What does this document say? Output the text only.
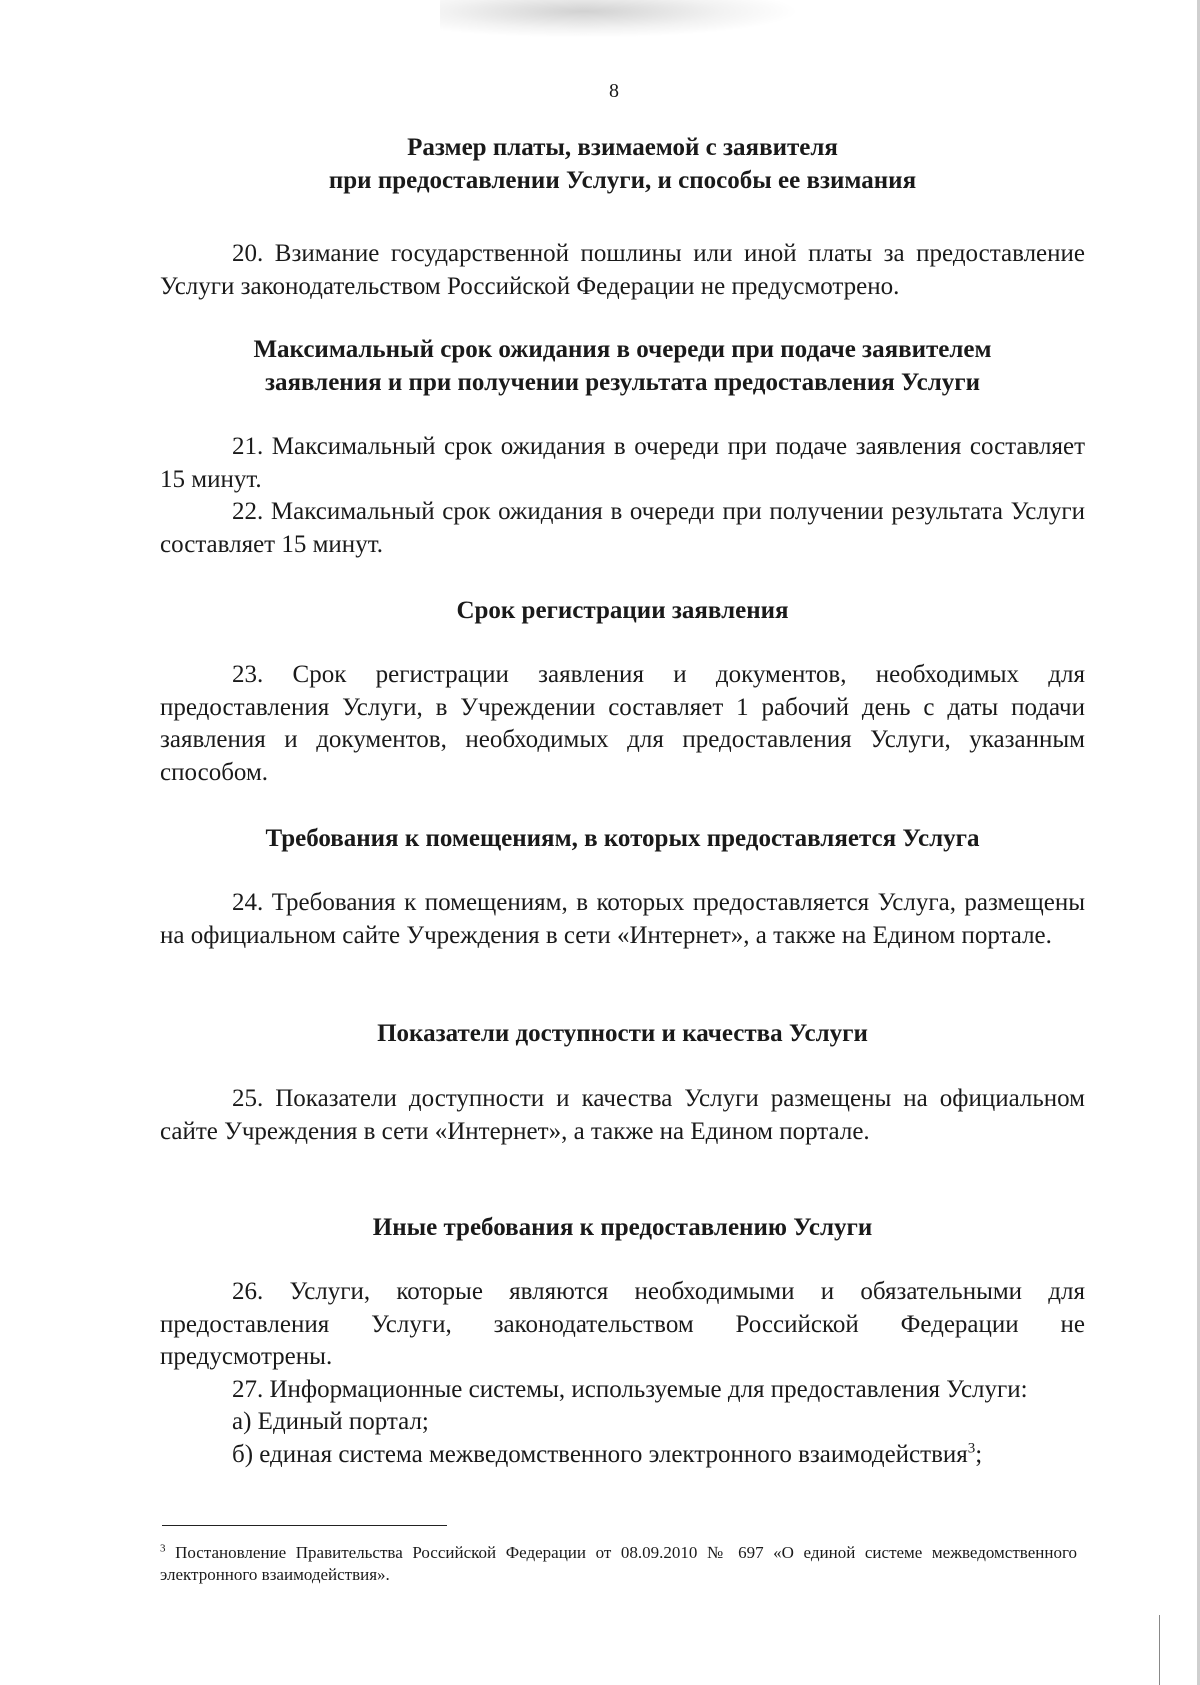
8
Размер платы, взимаемой с заявителя
при предоставлении Услуги, и способы ее взимания

20. Взимание государственной пошлины или иной платы за предоставление Услуги законодательством Российской Федерации не предусмотрено.

Максимальный срок ожидания в очереди при подаче заявителем
заявления и при получении результата предоставления Услуги

21. Максимальный срок ожидания в очереди при подаче заявления составляет 15 минут.

22. Максимальный срок ожидания в очереди при получении результата Услуги составляет 15 минут.

Срок регистрации заявления

23. Срок регистрации заявления и документов, необходимых для предоставления Услуги, в Учреждении составляет 1 рабочий день с даты подачи заявления и документов, необходимых для предоставления Услуги, указанным способом.

Требования к помещениям, в которых предоставляется Услуга

24. Требования к помещениям, в которых предоставляется Услуга, размещены на официальном сайте Учреждения в сети «Интернет», а также на Едином портале.

Показатели доступности и качества Услуги

25. Показатели доступности и качества Услуги размещены на официальном сайте Учреждения в сети «Интернет», а также на Едином портале.

Иные требования к предоставлению Услуги

26. Услуги, которые являются необходимыми и обязательными для предоставления Услуги, законодательством Российской Федерации не предусмотрены.

27. Информационные системы, используемые для предоставления Услуги:

а) Единый портал;

б) единая система межведомственного электронного взаимодействия$^3$;

$^3$ Постановление Правительства Российской Федерации от 08.09.2010 № 697 «О единой системе межведомственного электронного взаимодействия».
